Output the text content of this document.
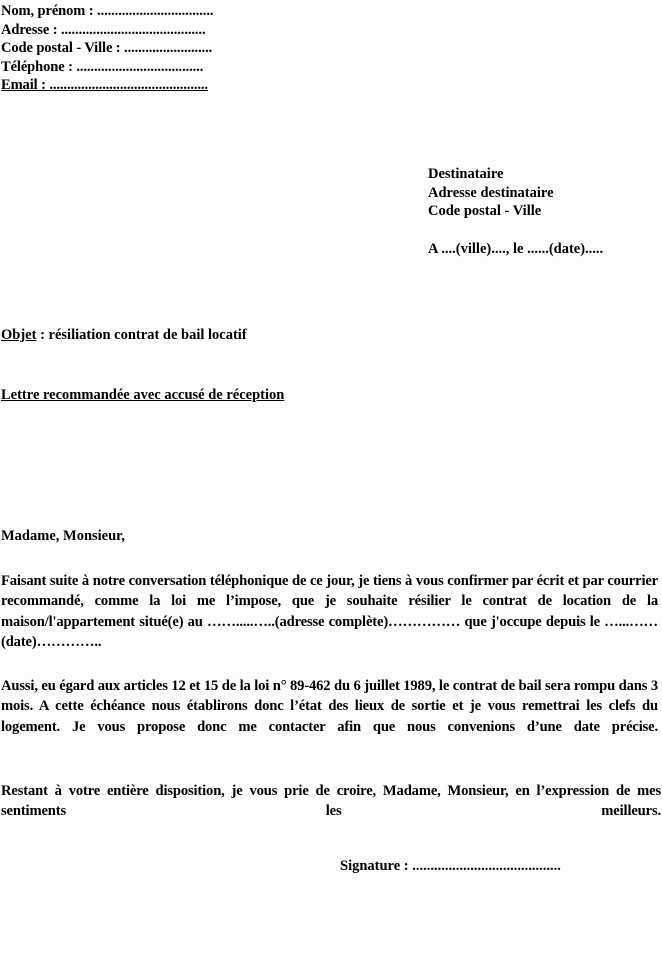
Nom, prénom : .................................
Adresse : .........................................
Code postal - Ville : .........................
Téléphone : ....................................
Email : .............................................
Destinataire
Adresse destinataire
Code postal - Ville
A ....(ville)...., le ......(date).....
Objet : résiliation contrat de bail locatif
Lettre recommandée avec accusé de réception
Madame, Monsieur,
Faisant suite à notre conversation téléphonique de ce jour, je tiens à vous confirmer par écrit et par courrier recommandé, comme la loi me l’impose, que je souhaite résilier le contrat de location de la maison/l'appartement situé(e) au …….....…..(adresse complète)…………… que j'occupe depuis le …...……(date)…………..
Aussi, eu égard aux articles 12 et 15 de la loi n° 89-462 du 6 juillet 1989, le contrat de bail sera rompu dans 3 mois. A cette échéance nous établirons donc l’état des lieux de sortie et je vous remettrai les clefs du logement. Je vous propose donc me contacter afin que nous convenions d’une date précise.
Restant à votre entière disposition, je vous prie de croire, Madame, Monsieur, en l’expression de mes sentiments les meilleurs.
Signature : .........................................
